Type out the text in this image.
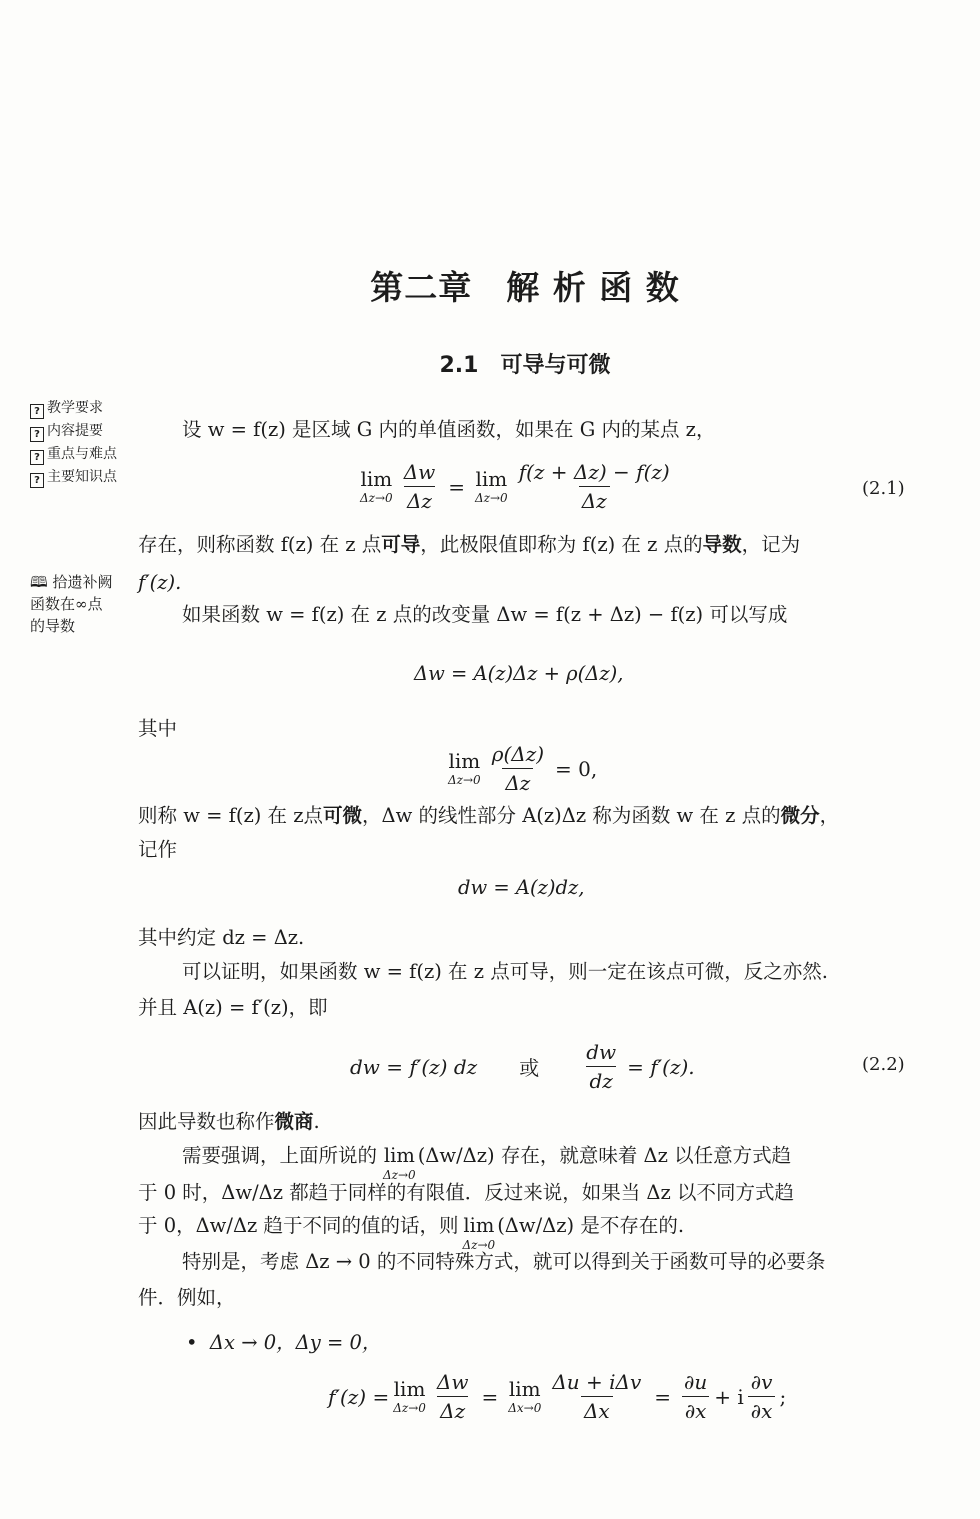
第二章　解 析 函 数
2.1　可导与可微
? 教学要求
? 内容提要
? 重点与难点
? 主要知识点
🕮 拾遗补阙
函数在∞点
的导数
设 w = f(z) 是区域 G 内的单值函数，如果在 G 内的某点 z，
lim
$\Delta z\to 0 \frac{\Delta w}{\Delta z} = \lim$
$\Delta z\to 0 \frac{f(z + \Delta z) - f(z)}{\Delta z}$	(2.1)
存在，则称函数 f(z) 在 z 点可导，此极限值即称为 f(z) 在 z 点的导数，记为
f′(z).
如果函数 w = f(z) 在 z 点的改变量 Δw = f(z + Δz) − f(z) 可以写成
Δw = A(z)Δz + ρ(Δz),
其中
lim
$\Delta z\to 0 \frac{\rho(\Delta z)}{\Delta z} = 0$,
则称 w = f(z) 在 z点可微，Δw 的线性部分 A(z)Δz 称为函数 w 在 z 点的微分，
记作
dw = A(z)dz,
其中约定 dz = Δz.
可以证明，如果函数 w = f(z) 在 z 点可导，则一定在该点可微，反之亦然.
并且 A(z) = f′(z)，即
dw = f′(z) dz 或 $\frac{dw}{dz} = f'(z)$.	(2.2)
因此导数也称作微商.
需要强调，上面所说的 lim
Δz→0
(Δw/Δz) 存在，就意味着 Δz 以任意方式趋
于 0 时，Δw/Δz 都趋于同样的有限值．反过来说，如果当 Δz 以不同方式趋
于 0，Δw/Δz 趋于不同的值的话，则 lim
Δz→0
(Δw/Δz) 是不存在的.
特别是，考虑 Δz → 0 的不同特殊方式，就可以得到关于函数可导的必要条
件．例如，
• Δx → 0，Δy = 0，
f′(z) = lim
$\Delta z\to 0 \frac{\Delta w}{\Delta z} = \lim$
$\Delta x\to 0 \frac{\text{Δu + iΔv}}{\Delta x} = \frac{\partial u}{\partial x} + i \frac{\partial v}{\partial x}$ ;
